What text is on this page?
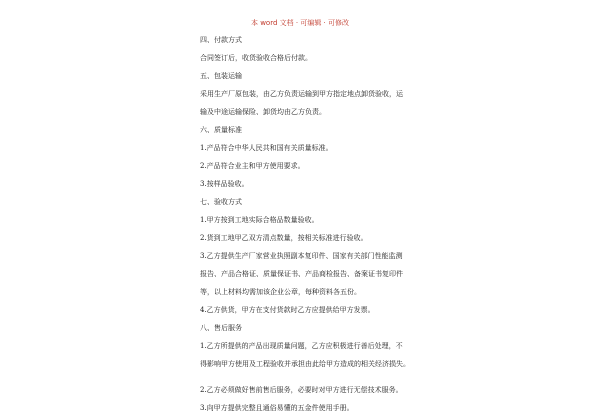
本 word 文档 · 可编辑 · 可修改
四、付款方式
合同签订后，收货验收合格后付款。
五、包装运输
采用生产厂原包装，由乙方负责运输到甲方指定地点卸货验收，运
输及中途运输保险、卸货均由乙方负责。
六、质量标准
1.产品符合中华人民共和国有关质量标准。
2.产品符合业主和甲方使用要求。
3.按样品验收。
七、验收方式
1.甲方按到工地实际合格品数量验收。
2.货到工地甲乙双方清点数量，按相关标准进行验收。
3.乙方提供生产厂家营业执照副本复印件、国家有关部门性能监测
报告、产品合格证、质量保证书、产品商检报告、备案证书复印件
等，以上材料均需加该企业公章，每种资料各五份。
4.乙方供货，甲方在支付货款时乙方应提供给甲方发票。
八、售后服务
1.乙方所提供的产品出现质量问题，乙方应积极进行善后处理，不
得影响甲方使用及工程验收并承担由此给甲方造成的相关经济损失。
2.乙方必须做好售前售后服务，必要时对甲方进行无偿技术服务。
3.向甲方提供完整且通俗易懂的五金件使用手册。
